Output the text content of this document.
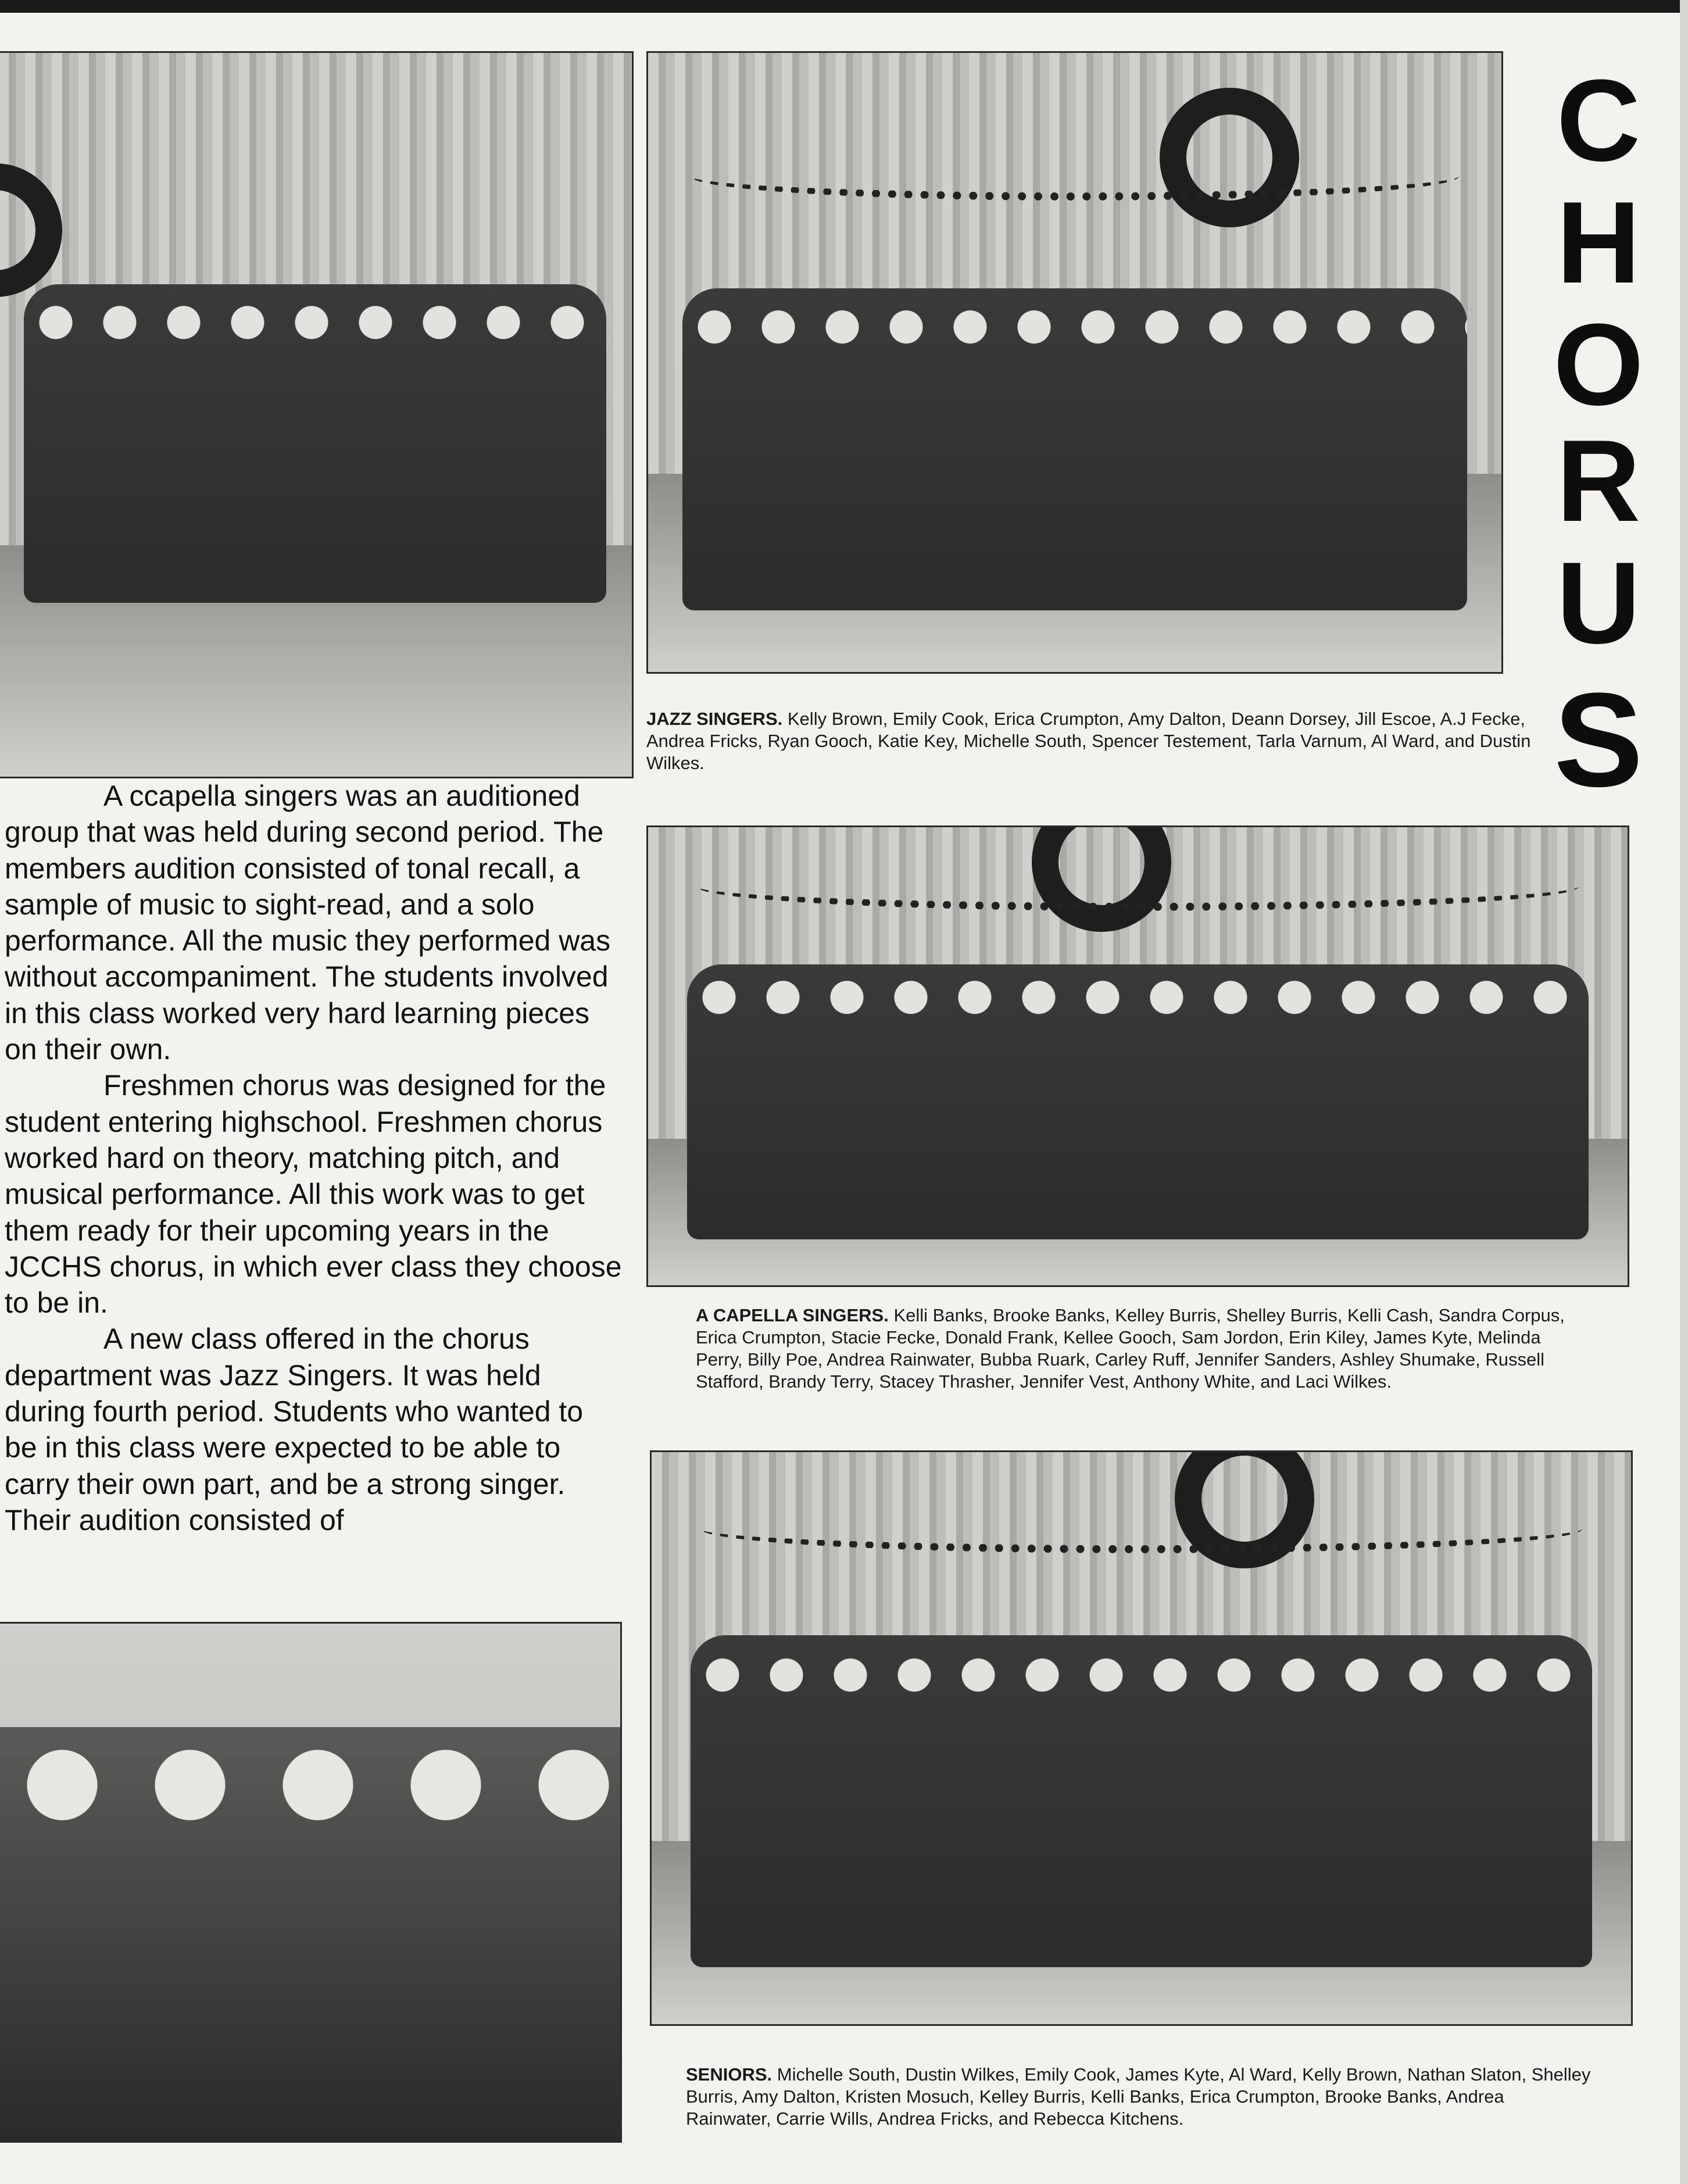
C
H
O
R
U
S
JAZZ SINGERS. Kelly Brown, Emily Cook, Erica Crumpton, Amy Dalton, Deann Dorsey, Jill Escoe, A.J Fecke, Andrea Fricks, Ryan Gooch, Katie Key, Michelle South, Spencer Testement, Tarla Varnum, Al Ward, and Dustin Wilkes.
A CAPELLA SINGERS. Kelli Banks, Brooke Banks, Kelley Burris, Shelley Burris, Kelli Cash, Sandra Corpus, Erica Crumpton, Stacie Fecke, Donald Frank, Kellee Gooch, Sam Jordon, Erin Kiley, James Kyte, Melinda Perry, Billy Poe, Andrea Rainwater, Bubba Ruark, Carley Ruff, Jennifer Sanders, Ashley Shumake, Russell Stafford, Brandy Terry, Stacey Thrasher, Jennifer Vest, Anthony White, and Laci Wilkes.
SENIORS. Michelle South, Dustin Wilkes, Emily Cook, James Kyte, Al Ward, Kelly Brown, Nathan Slaton, Shelley Burris, Amy Dalton, Kristen Mosuch, Kelley Burris, Kelli Banks, Erica Crumpton, Brooke Banks, Andrea Rainwater, Carrie Wills, Andrea Fricks, and Rebecca Kitchens.

A ccapella singers was an auditioned group that was held during second period. The members audition consisted of tonal recall, a sample of music to sight-read, and a solo performance. All the music they performed was without accompaniment. The students involved in this class worked very hard learning pieces on their own.

Freshmen chorus was designed for the student entering highschool. Freshmen chorus worked hard on theory, matching pitch, and musical performance. All this work was to get them ready for their upcoming years in the JCCHS chorus, in which ever class they choose to be in.

A new class offered in the chorus department was Jazz Singers. It was held during fourth period. Students who wanted to be in this class were expected to be able to carry their own part, and be a strong singer. Their audition consisted of
